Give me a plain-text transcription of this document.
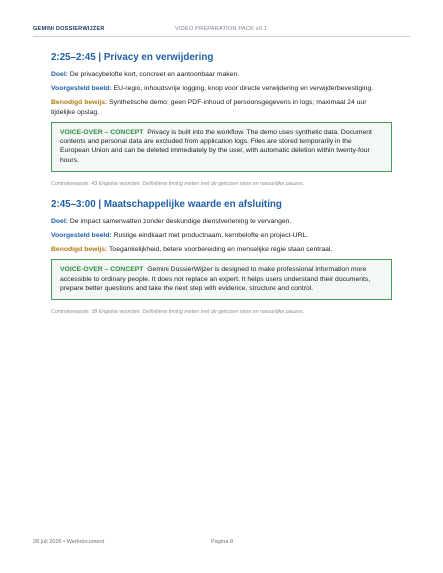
GEMINI DOSSIERWIJZER	VIDEO PREPARATION PACK v0.1
2:25–2:45 | Privacy en verwijdering
Doel: De privacybelofte kort, concreet en aantoonbaar maken.
Voorgesteld beeld: EU-regio, inhoudsvrije logging, knop voor directe verwijdering en verwijderbevestiging.
Benodigd bewijs: Synthetische demo; geen PDF-inhoud of persoonsgegevens in logs; maximaal 24 uur tijdelijke opslag.
VOICE-OVER – CONCEPT Privacy is built into the workflow. The demo uses synthetic data. Document contents and personal data are excluded from application logs. Files are stored temporarily in the European Union and can be deleted immediately by the user, with automatic deletion within twenty-four hours.
Controlewaarde: 43 Engelse woorden. Definitieve timing meten met de gekozen stem en natuurlijke pauzes.
2:45–3:00 | Maatschappelijke waarde en afsluiting
Doel: De impact samenvatten zonder deskundige dienstverlening te vervangen.
Voorgesteld beeld: Rustige eindkaart met productnaam, kernbelofte en project-URL.
Benodigd bewijs: Toegankelijkheid, betere voorbereiding en menselijke regie staan centraal.
VOICE-OVER – CONCEPT Gemini DossierWijzer is designed to make professional information more accessible to ordinary people. It does not replace an expert. It helps users understand their documents, prepare better questions and take the next step with evidence, structure and control.
Controlewaarde: 38 Engelse woorden. Definitieve timing meten met de gekozen stem en natuurlijke pauzes.
28 juli 2026 • Werkdocument	Pagina 8
